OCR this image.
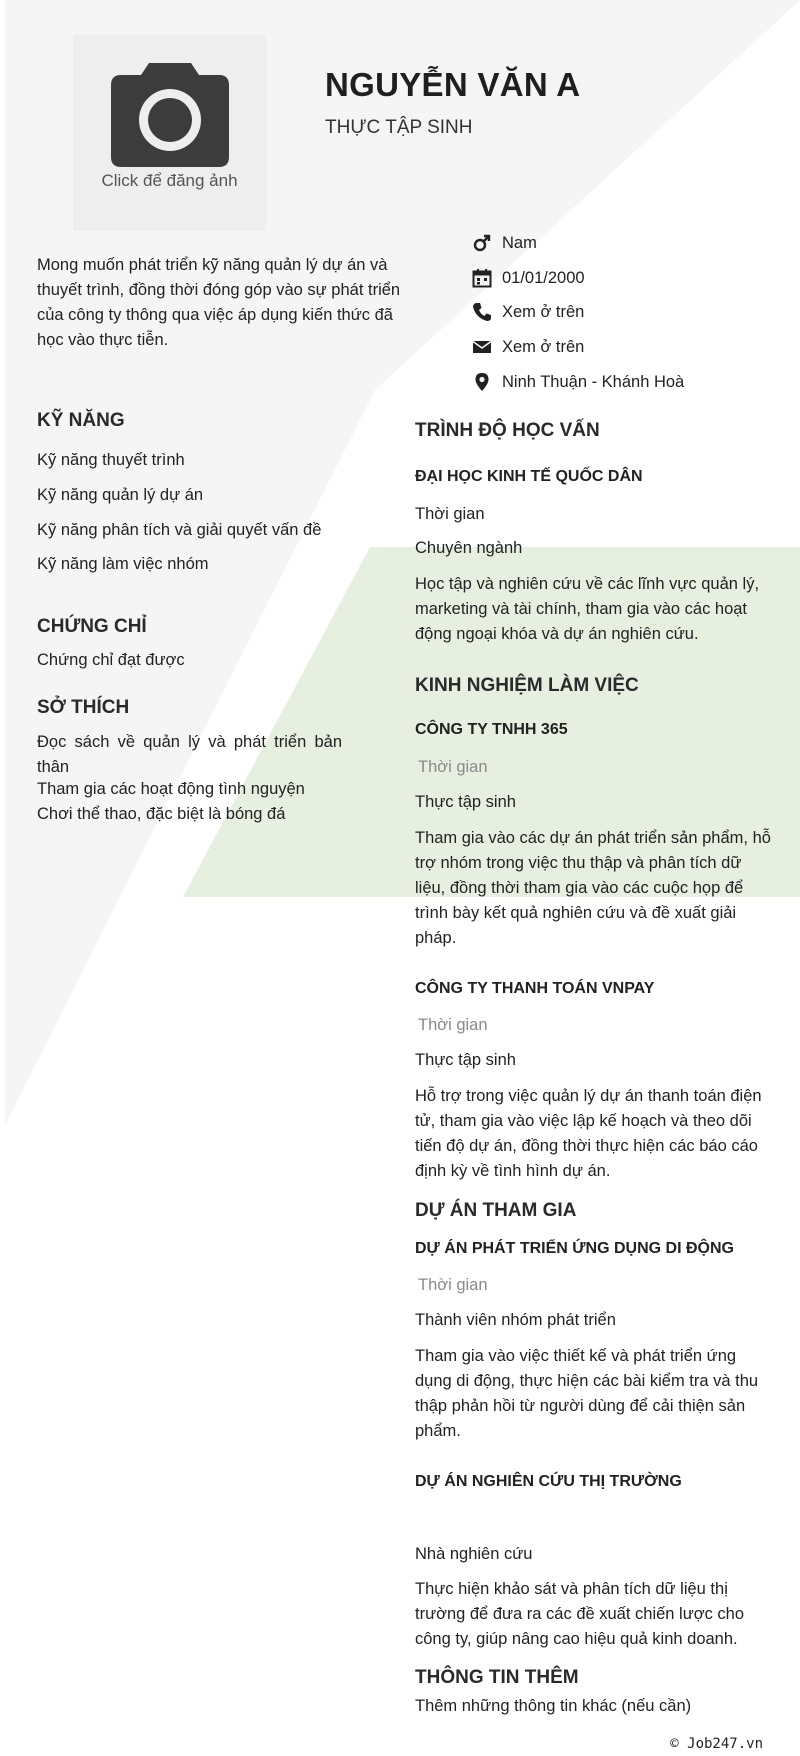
Click để đăng ảnh
NGUYỄN VĂN A
THỰC TẬP SINH
Mong muốn phát triển kỹ năng quản lý dự án và thuyết trình, đồng thời đóng góp vào sự phát triển của công ty thông qua việc áp dụng kiến thức đã học vào thực tiễn.
Nam
01/01/2000
Xem ở trên
Xem ở trên
Ninh Thuận - Khánh Hoà
KỸ NĂNG
Kỹ năng thuyết trình
Kỹ năng quản lý dự án
Kỹ năng phân tích và giải quyết vấn đề
Kỹ năng làm việc nhóm
CHỨNG CHỈ
Chứng chỉ đạt được
SỞ THÍCH
Đọc sách về quản lý và phát triển bản thân
Tham gia các hoạt động tình nguyện
Chơi thể thao, đặc biệt là bóng đá
TRÌNH ĐỘ HỌC VẤN
ĐẠI HỌC KINH TẾ QUỐC DÂN
Thời gian
Chuyên ngành
Học tập và nghiên cứu về các lĩnh vực quản lý, marketing và tài chính, tham gia vào các hoạt động ngoại khóa và dự án nghiên cứu.
KINH NGHIỆM LÀM VIỆC
CÔNG TY TNHH 365
Thời gian
Thực tập sinh
Tham gia vào các dự án phát triển sản phẩm, hỗ trợ nhóm trong việc thu thập và phân tích dữ liệu, đồng thời tham gia vào các cuộc họp để trình bày kết quả nghiên cứu và đề xuất giải pháp.
CÔNG TY THANH TOÁN VNPAY
Thời gian
Thực tập sinh
Hỗ trợ trong việc quản lý dự án thanh toán điện tử, tham gia vào việc lập kế hoạch và theo dõi tiến độ dự án, đồng thời thực hiện các báo cáo định kỳ về tình hình dự án.
DỰ ÁN THAM GIA
DỰ ÁN PHÁT TRIỂN ỨNG DỤNG DI ĐỘNG
Thời gian
Thành viên nhóm phát triển
Tham gia vào việc thiết kế và phát triển ứng dụng di động, thực hiện các bài kiểm tra và thu thập phản hồi từ người dùng để cải thiện sản phẩm.
DỰ ÁN NGHIÊN CỨU THỊ TRƯỜNG
Nhà nghiên cứu
Thực hiện khảo sát và phân tích dữ liệu thị trường để đưa ra các đề xuất chiến lược cho công ty, giúp nâng cao hiệu quả kinh doanh.
THÔNG TIN THÊM
Thêm những thông tin khác (nếu cần)
© Job247.vn
